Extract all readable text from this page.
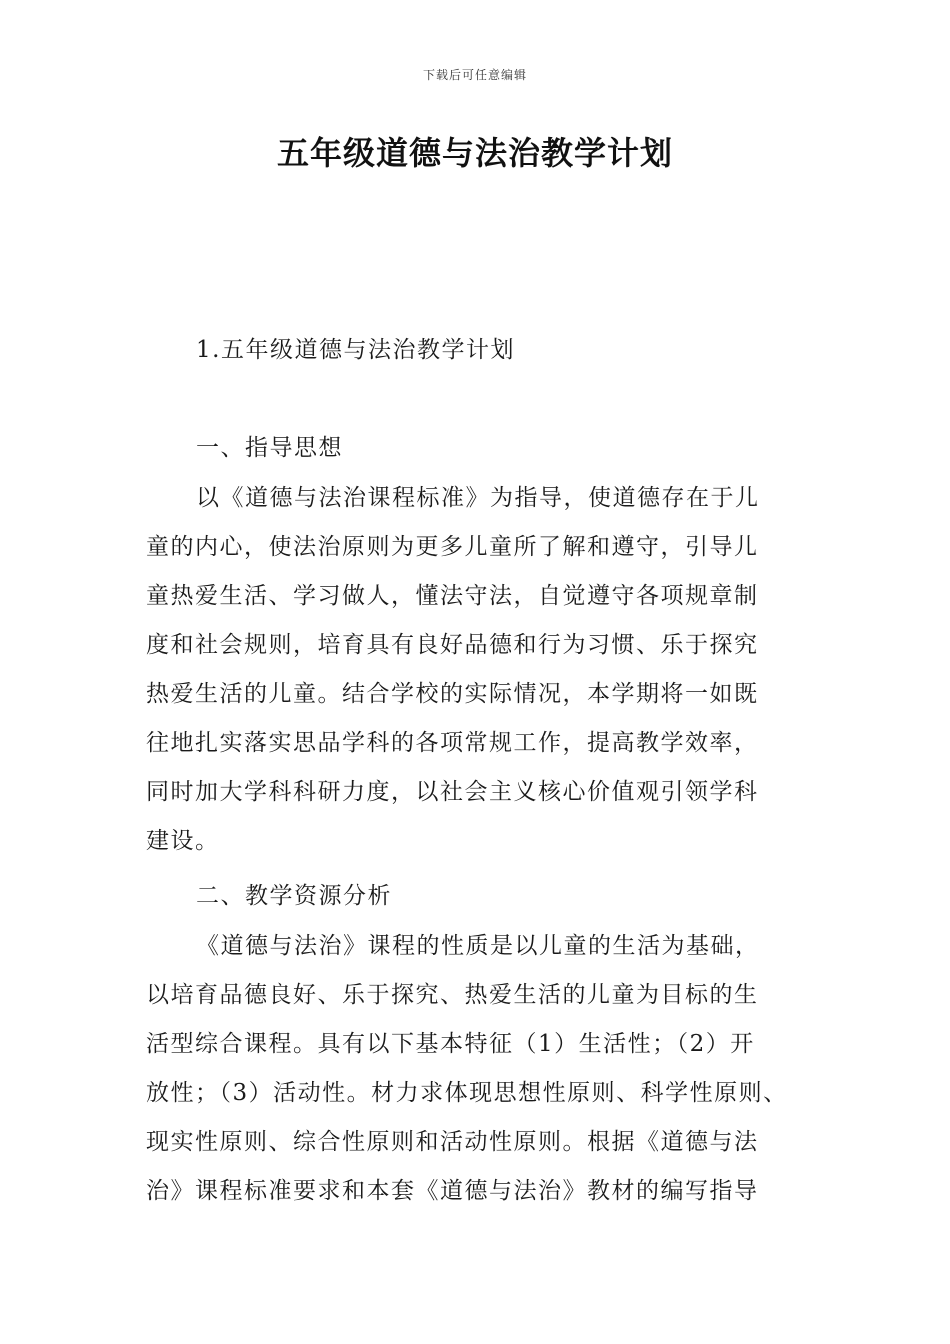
下载后可任意编辑
五年级道德与法治教学计划
1.五年级道德与法治教学计划
一、指导思想
以《道德与法治课程标准》为指导，使道德存在于儿
童的内心，使法治原则为更多儿童所了解和遵守，引导儿
童热爱生活、学习做人，懂法守法，自觉遵守各项规章制
度和社会规则，培育具有良好品德和行为习惯、乐于探究
热爱生活的儿童。结合学校的实际情况，本学期将一如既
往地扎实落实思品学科的各项常规工作，提高教学效率，
同时加大学科科研力度，以社会主义核心价值观引领学科
建设。
二、教学资源分析
《道德与法治》课程的性质是以儿童的生活为基础，
以培育品德良好、乐于探究、热爱生活的儿童为目标的生
活型综合课程。具有以下基本特征（1）生活性；（2）开
放性；（3）活动性。材力求体现思想性原则、科学性原则、
现实性原则、综合性原则和活动性原则。根据《道德与法
治》课程标准要求和本套《道德与法治》教材的编写指导
